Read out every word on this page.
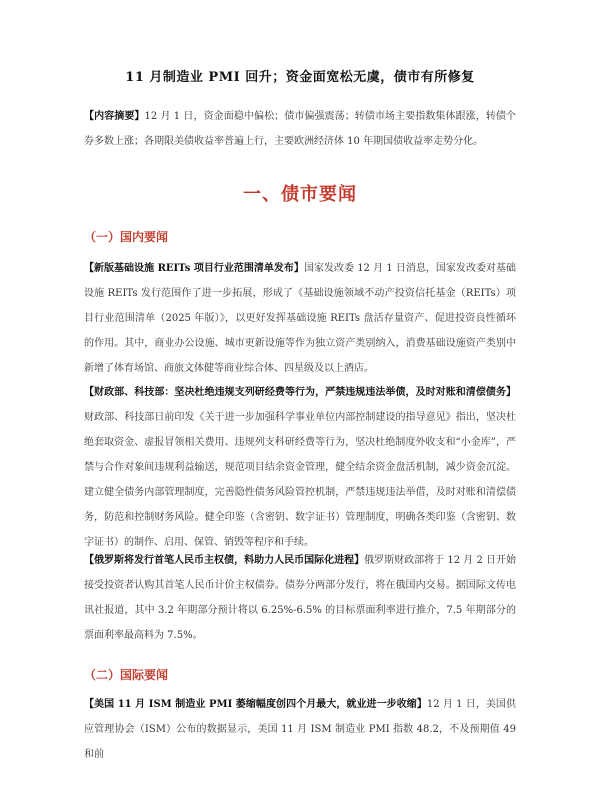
11 月制造业 PMI 回升；资金面宽松无虞，债市有所修复
【内容摘要】12 月 1 日，资金面稳中偏松；债市偏强震荡；转债市场主要指数集体跟涨，转债个券多数上涨；各期限美债收益率普遍上行，主要欧洲经济体 10 年期国债收益率走势分化。
一、债市要闻
（一）国内要闻
【新版基础设施 REITs 项目行业范围清单发布】国家发改委 12 月 1 日消息，国家发改委对基础设施 REITs 发行范围作了进一步拓展，形成了《基础设施领域不动产投资信托基金（REITs）项目行业范围清单（2025 年版）》，以更好发挥基础设施 REITs 盘活存量资产、促进投资良性循环的作用。其中，商业办公设施、城市更新设施等作为独立资产类别纳入，消费基础设施资产类别中新增了体育场馆、商旅文体健等商业综合体、四星级及以上酒店。
【财政部、科技部：坚决杜绝违规支列研经费等行为，严禁违规违法举债，及时对账和清偿债务】财政部、科技部日前印发《关于进一步加强科学事业单位内部控制建设的指导意见》指出，坚决杜绝套取资金、虚报冒领相关费用、违规列支科研经费等行为，坚决杜绝制度外收支和“小金库”，严禁与合作对象间违规利益输送，规范项目结余资金管理，健全结余资金盘活机制，减少资金沉淀。建立健全债务内部管理制度，完善隐性债务风险管控机制，严禁违规违法举借，及时对账和清偿债务，防范和控制财务风险。健全印鉴（含密钥、数字证书）管理制度，明确各类印鉴（含密钥、数字证书）的制作、启用、保管、销毁等程序和手续。
【俄罗斯将发行首笔人民币主权债，料助力人民币国际化进程】俄罗斯财政部将于 12 月 2 日开始接受投资者认购其首笔人民币计价主权债券。债券分两部分发行，将在俄国内交易。据国际文传电讯社报道，其中 3.2 年期部分预计将以 6.25%-6.5% 的目标票面利率进行推介，7.5 年期部分的票面利率最高料为 7.5%。
（二）国际要闻
【美国 11 月 ISM 制造业 PMI 萎缩幅度创四个月最大，就业进一步收缩】12 月 1 日，美国供应管理协会（ISM）公布的数据显示，美国 11 月 ISM 制造业 PMI 指数 48.2，不及预期值 49 和前
